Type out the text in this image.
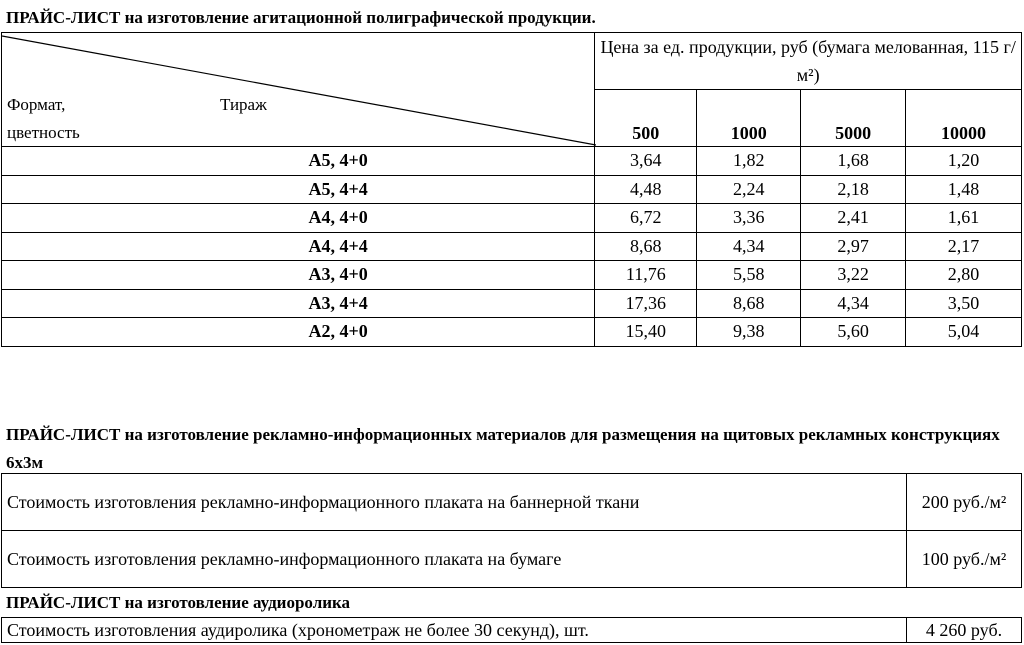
ПРАЙС-ЛИСТ на изготовление агитационной полиграфической продукции.
Формат,
цветность
Тираж	Цена за ед. продукции, руб (бумага мелованная, 115 г/м²)			
	500	1000	5000	10000
А5, 4+0	3,64	1,82	1,68	1,20
А5, 4+4	4,48	2,24	2,18	1,48
А4, 4+0	6,72	3,36	2,41	1,61
А4, 4+4	8,68	4,34	2,97	2,17
А3, 4+0	11,76	5,58	3,22	2,80
А3, 4+4	17,36	8,68	4,34	3,50
А2, 4+0	15,40	9,38	5,60	5,04
ПРАЙС-ЛИСТ на изготовление рекламно-информационных материалов для размещения на щитовых рекламных конструкциях 6х3м
Стоимость изготовления рекламно-информационного плаката на баннерной ткани	200 руб./м²
Стоимость изготовления рекламно-информационного плаката на бумаге	100 руб./м²
ПРАЙС-ЛИСТ на изготовление аудиоролика
Стоимость изготовления аудиролика (хронометраж не более 30 секунд), шт.	4 260 руб.
